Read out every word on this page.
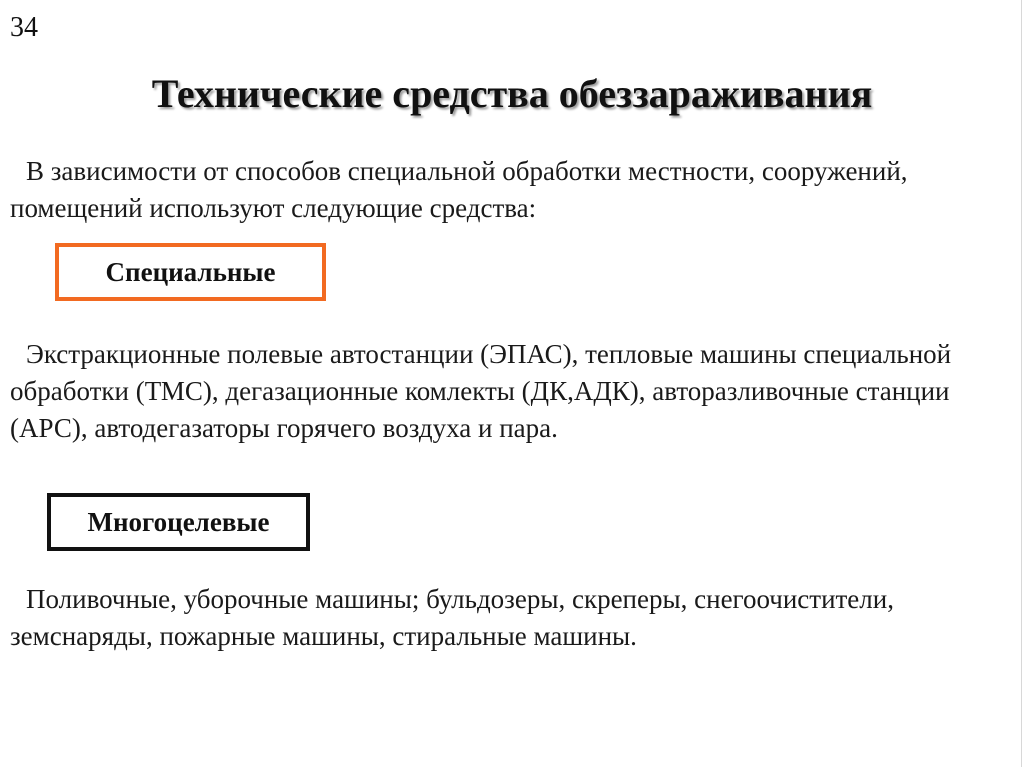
34
Технические средства обеззараживания

В зависимости от способов специальной обработки местности, сооружений, помещений используют следующие средства:

Специальные

Экстракционные полевые автостанции (ЭПАС), тепловые машины специальной обработки (ТМС), дегазационные комлекты (ДК,АДК), авторазливочные станции (АРС), автодегазаторы горячего воздуха и пара.

Многоцелевые

Поливочные, уборочные машины; бульдозеры, скреперы, снегоочистители, земснаряды, пожарные машины, стиральные машины.
